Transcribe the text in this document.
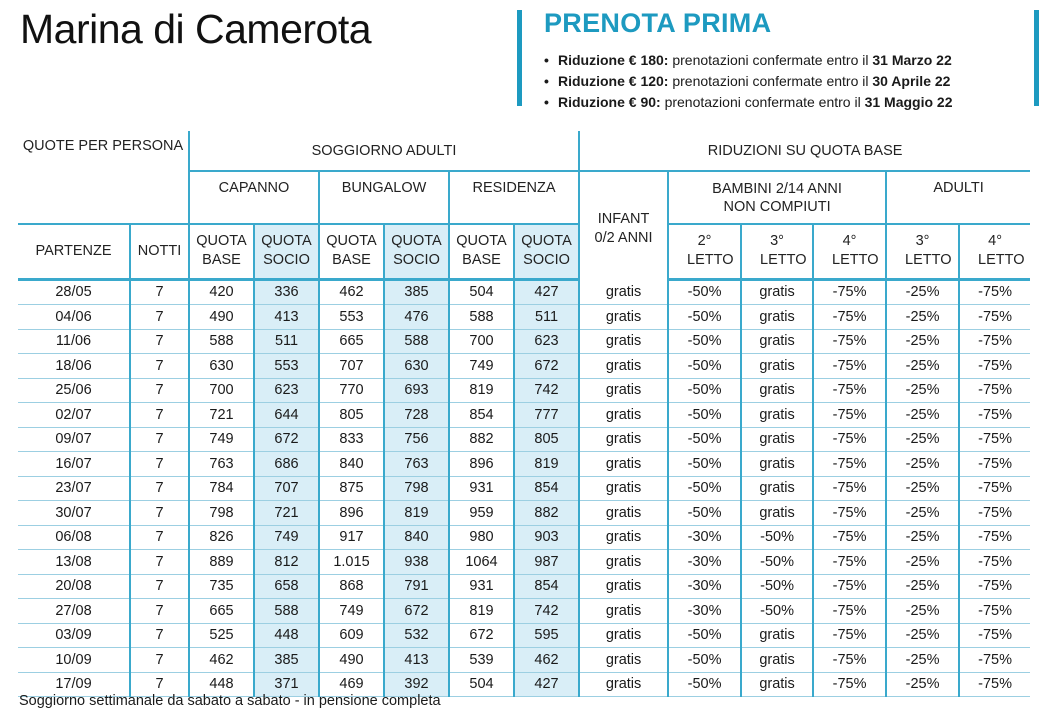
Marina di Camerota	PRENOTA PRIMA
• Riduzione € 180: prenotazioni confermate entro il 31 Marzo 22
• Riduzione € 120: prenotazioni confermate entro il 30 Aprile 22
• Riduzione € 90: prenotazioni confermate entro il 31 Maggio 22
QUOTE PER PERSONA		SOGGIORNO ADULTI						RIDUZIONI SU QUOTA BASE					
		CAPANNO		BUNGALOW		RESIDENZA		INFANT 0/2 ANNI	BAMBINI 2/14 ANNI NON COMPIUTI			ADULTI	
PARTENZE	NOTTI	QUOTA BASE	QUOTA SOCIO	QUOTA BASE	QUOTA SOCIO	QUOTA BASE	QUOTA SOCIO		2° LETTO	3° LETTO	4° LETTO	3° LETTO	4° LETTO
28/05	7	420	336	462	385	504	427	gratis	-50%	gratis	-75%	-25%	-75%
04/06	7	490	413	553	476	588	511	gratis	-50%	gratis	-75%	-25%	-75%
11/06	7	588	511	665	588	700	623	gratis	-50%	gratis	-75%	-25%	-75%
18/06	7	630	553	707	630	749	672	gratis	-50%	gratis	-75%	-25%	-75%
25/06	7	700	623	770	693	819	742	gratis	-50%	gratis	-75%	-25%	-75%
02/07	7	721	644	805	728	854	777	gratis	-50%	gratis	-75%	-25%	-75%
09/07	7	749	672	833	756	882	805	gratis	-50%	gratis	-75%	-25%	-75%
16/07	7	763	686	840	763	896	819	gratis	-50%	gratis	-75%	-25%	-75%
23/07	7	784	707	875	798	931	854	gratis	-50%	gratis	-75%	-25%	-75%
30/07	7	798	721	896	819	959	882	gratis	-50%	gratis	-75%	-25%	-75%
06/08	7	826	749	917	840	980	903	gratis	-30%	-50%	-75%	-25%	-75%
13/08	7	889	812	1.015	938	1064	987	gratis	-30%	-50%	-75%	-25%	-75%
20/08	7	735	658	868	791	931	854	gratis	-30%	-50%	-75%	-25%	-75%
27/08	7	665	588	749	672	819	742	gratis	-30%	-50%	-75%	-25%	-75%
03/09	7	525	448	609	532	672	595	gratis	-50%	gratis	-75%	-25%	-75%
10/09	7	462	385	490	413	539	462	gratis	-50%	gratis	-75%	-25%	-75%
17/09	7	448	371	469	392	504	427	gratis	-50%	gratis	-75%	-25%	-75%
Soggiorno settimanale da sabato a sabato - in pensione completa
